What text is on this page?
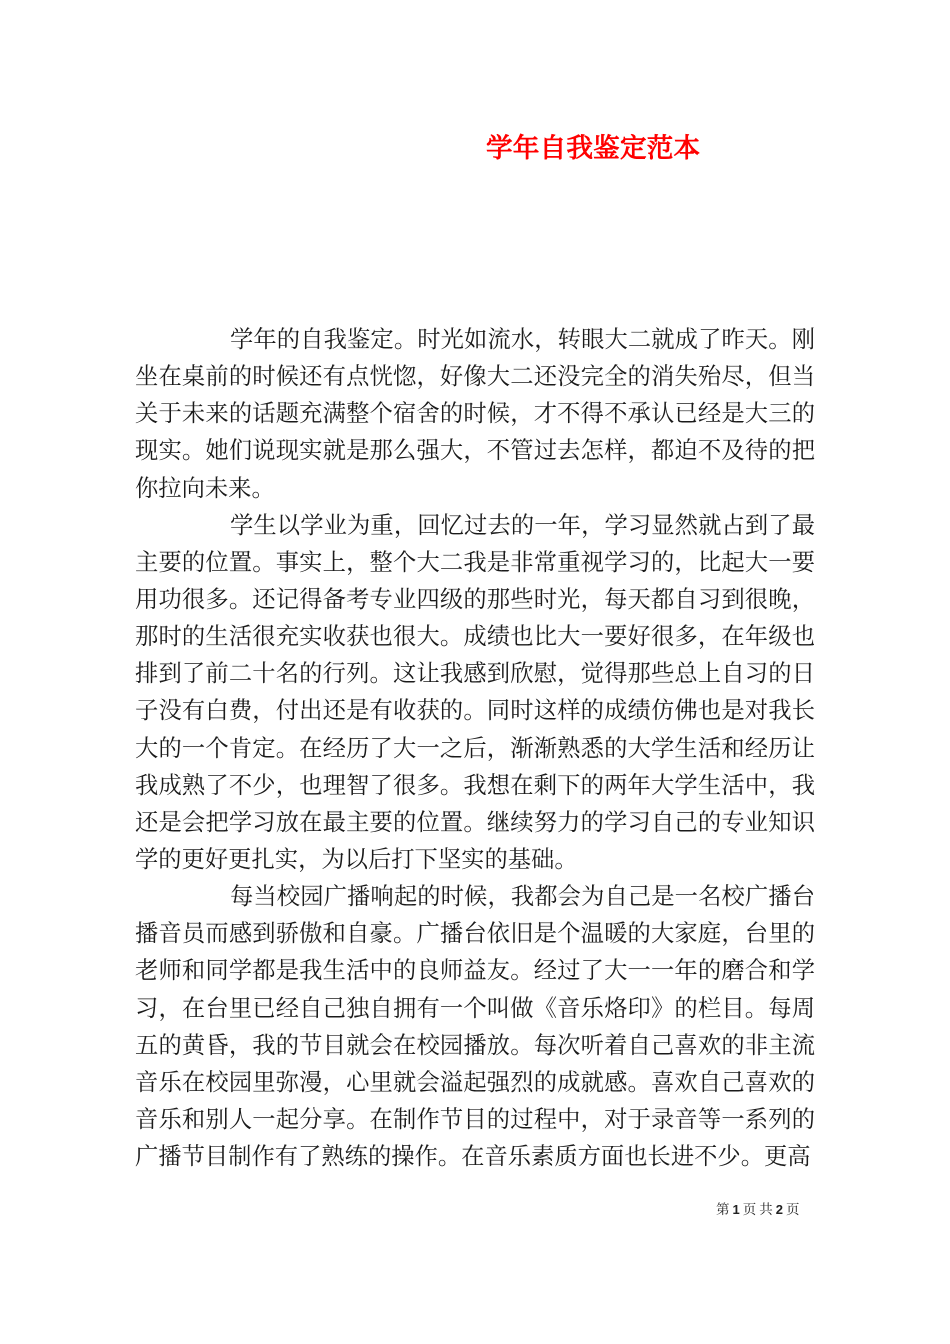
学年自我鉴定范本

学年的自我鉴定。时光如流水，转眼大二就成了昨天。刚坐在桌前的时候还有点恍惚，好像大二还没完全的消失殆尽，但当关于未来的话题充满整个宿舍的时候，才不得不承认已经是大三的现实。她们说现实就是那么强大，不管过去怎样，都迫不及待的把你拉向未来。

学生以学业为重，回忆过去的一年，学习显然就占到了最主要的位置。事实上，整个大二我是非常重视学习的，比起大一要用功很多。还记得备考专业四级的那些时光，每天都自习到很晚，那时的生活很充实收获也很大。成绩也比大一要好很多，在年级也排到了前二十名的行列。这让我感到欣慰，觉得那些总上自习的日子没有白费，付出还是有收获的。同时这样的成绩仿佛也是对我长大的一个肯定。在经历了大一之后，渐渐熟悉的大学生活和经历让我成熟了不少，也理智了很多。我想在剩下的两年大学生活中，我还是会把学习放在最主要的位置。继续努力的学习自己的专业知识学的更好更扎实，为以后打下坚实的基础。

每当校园广播响起的时候，我都会为自己是一名校广播台播音员而感到骄傲和自豪。广播台依旧是个温暖的大家庭，台里的老师和同学都是我生活中的良师益友。经过了大一一年的磨合和学习，在台里已经自己独自拥有一个叫做《音乐烙印》的栏目。每周五的黄昏，我的节目就会在校园播放。每次听着自己喜欢的非主流音乐在校园里弥漫，心里就会溢起强烈的成就感。喜欢自己喜欢的音乐和别人一起分享。在制作节目的过程中，对于录音等一系列的广播节目制作有了熟练的操作。在音乐素质方面也长进不少。更高

第 1 页 共 2 页
